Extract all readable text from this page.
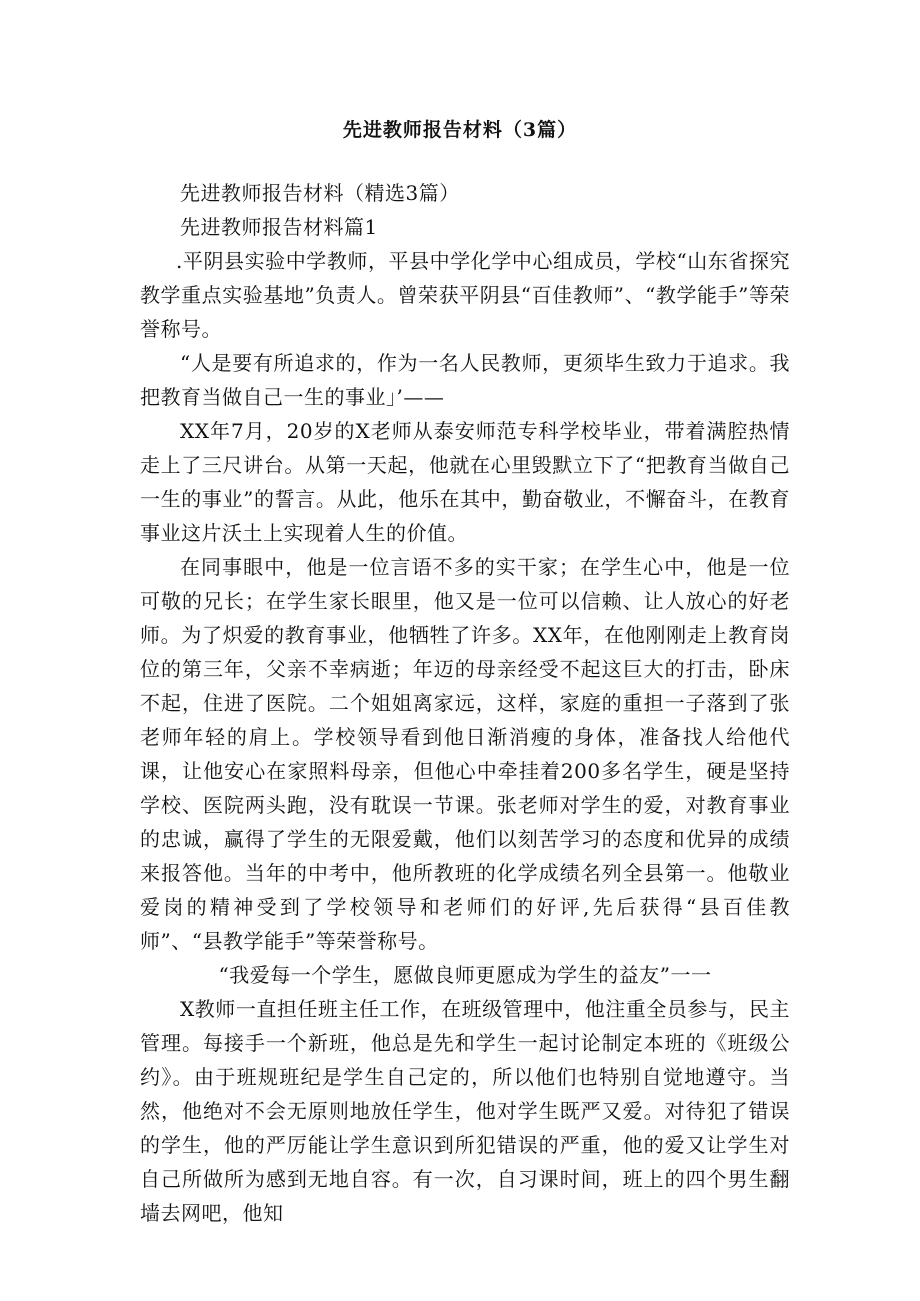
先进教师报告材料（3篇）

先进教师报告材料（精选3篇）

先进教师报告材料篇1

.平阴县实验中学教师，平县中学化学中心组成员，学校“山东省探究教学重点实验基地”负责人。曾荣获平阴县“百佳教师”、“教学能手”等荣誉称号。

“人是要有所追求的，作为一名人民教师，更须毕生致力于追求。我把教育当做自己一生的事业」’——

XX年7月，20岁的X老师从泰安师范专科学校毕业，带着满腔热情走上了三尺讲台。从第一天起，他就在心里毁默立下了“把教育当做自己一生的事业”的誓言。从此，他乐在其中，勤奋敬业，不懈奋斗，在教育事业这片沃土上实现着人生的价值。

在同事眼中，他是一位言语不多的实干家；在学生心中，他是一位可敬的兄长；在学生家长眼里，他又是一位可以信赖、让人放心的好老师。为了炽爱的教育事业，他牺牲了许多。XX年，在他刚刚走上教育岗位的第三年，父亲不幸病逝；年迈的母亲经受不起这巨大的打击，卧床不起，住进了医院。二个姐姐离家远，这样，家庭的重担一子落到了张老师年轻的肩上。学校领导看到他日渐消瘦的身体，准备找人给他代课，让他安心在家照料母亲，但他心中牵挂着200多名学生，硬是坚持学校、医院两头跑，没有耽误一节课。张老师对学生的爱，对教育事业的忠诚，赢得了学生的无限爱戴，他们以刻苦学习的态度和优异的成绩来报答他。当年的中考中，他所教班的化学成绩名列全县第一。他敬业爱岗的精神受到了学校领导和老师们的好评,先后获得“县百佳教师”、“县教学能手”等荣誉称号。

“我爱每一个学生，愿做良师更愿成为学生的益友”一一

X教师一直担任班主任工作，在班级管理中，他注重全员参与，民主管理。每接手一个新班，他总是先和学生一起讨论制定本班的《班级公约》。由于班规班纪是学生自己定的，所以他们也特别自觉地遵守。当然，他绝对不会无原则地放任学生，他对学生既严又爱。对待犯了错误的学生，他的严厉能让学生意识到所犯错误的严重，他的爱又让学生对自己所做所为感到无地自容。有一次，自习课时间，班上的四个男生翻墙去网吧，他知
